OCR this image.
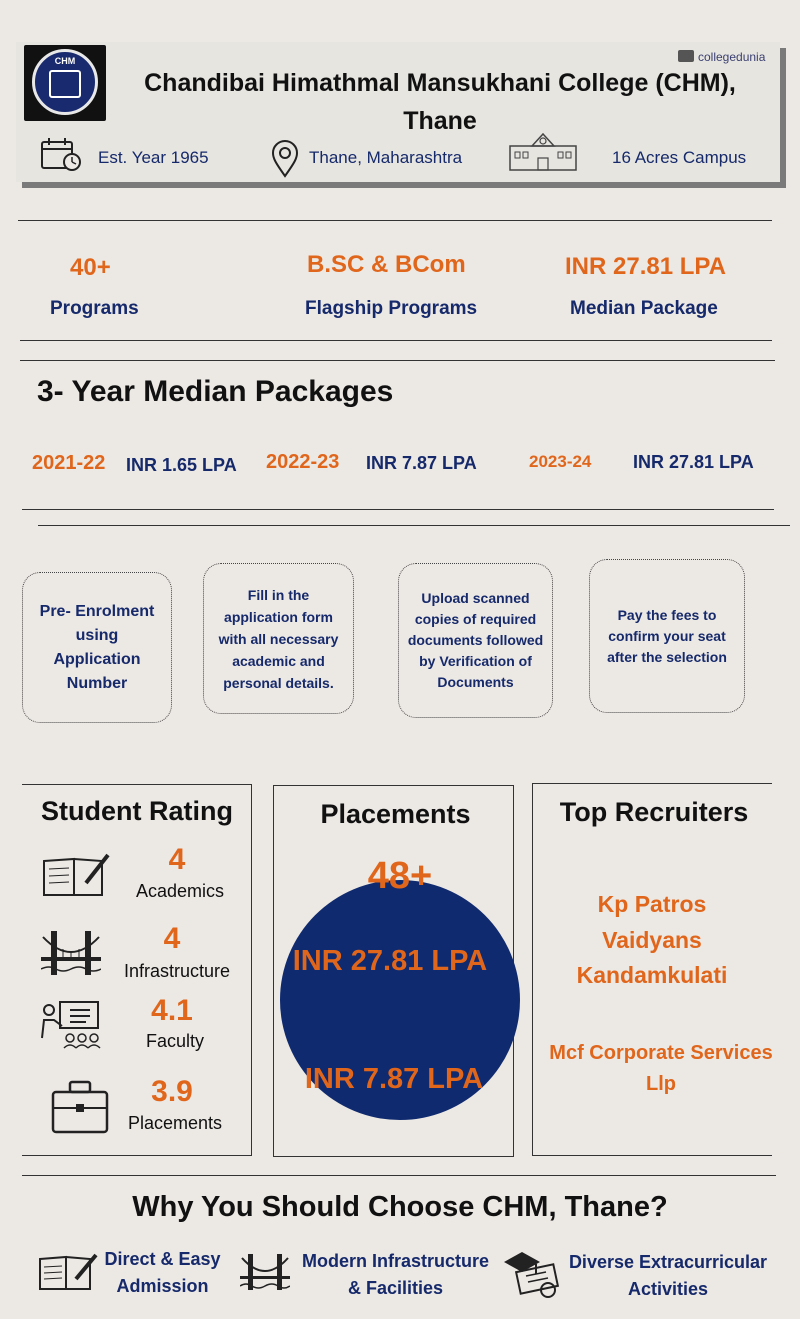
CHM	collegedunia
Chandibai Himathmal Mansukhani College (CHM), Thane
Est. Year 1965	Thane, Maharashtra	16 Acres Campus
40+
Programs
B.SC & BCom
Flagship Programs
INR 27.81 LPA
Median Package
3- Year Median Packages
2021-22 INR 1.65 LPA 2022-23 INR 7.87 LPA	2023-24 INR 27.81 LPA
Pre- Enrolment using Application Number
Fill in the application form with all necessary academic and personal details.
Upload scanned copies of required documents followed by Verification of Documents
Pay the fees to confirm your seat after the selection
Student Rating
4
Academics
4
Infrastructure
4.1
Faculty
3.9
Placements
Placements
48+
INR 27.81 LPA
INR 7.87 LPA
Top Recruiters
Kp Patros
Vaidyans
Kandamkulati
Mcf Corporate Services Llp
Why You Should Choose CHM, Thane?
Direct & Easy Admission
Modern Infrastructure & Facilities
Diverse Extracurricular Activities
